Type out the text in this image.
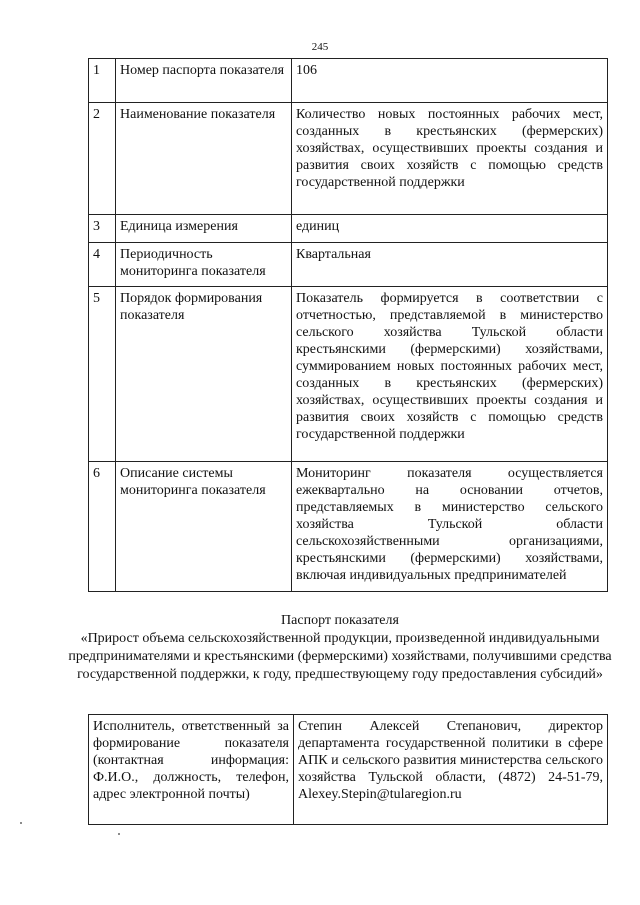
245
1	Номер паспорта показателя	106
2	Наименование показателя	Количество новых постоянных рабочих мест, созданных в крестьянских (фермерских) хозяйствах, осуществивших проекты создания и развития своих хозяйств с помощью средств государственной поддержки
3	Единица измерения	единиц
4	Периодичность мониторинга показателя	Квартальная
5	Порядок формирования показателя	Показатель формируется в соответствии с отчетностью, представляемой в министерство сельского хозяйства Тульской области крестьянскими (фермерскими) хозяйствами, суммированием новых постоянных рабочих мест, созданных в крестьянских (фермерских) хозяйствах, осуществивших проекты создания и развития своих хозяйств с помощью средств государственной поддержки
6	Описание системы мониторинга показателя	Мониторинг показателя осуществляется ежеквартально на основании отчетов, представляемых в министерство сельского хозяйства Тульской области сельскохозяйственными организациями, крестьянскими (фермерскими) хозяйствами, включая индивидуальных предпринимателей
Паспорт показателя
«Прирост объема сельскохозяйственной продукции, произведенной индивидуальными предпринимателями и крестьянскими (фермерскими) хозяйствами, получившими средства государственной поддержки, к году, предшествующему году предоставления субсидий»
Исполнитель, ответственный за формирование показателя (контактная информация: Ф.И.О., должность, телефон, адрес электронной почты)	Степин Алексей Степанович, директор департамента государственной политики в сфере АПК и сельского развития министерства сельского хозяйства Тульской области, (4872) 24-51-79, Alexey.Stepin@tularegion.ru
